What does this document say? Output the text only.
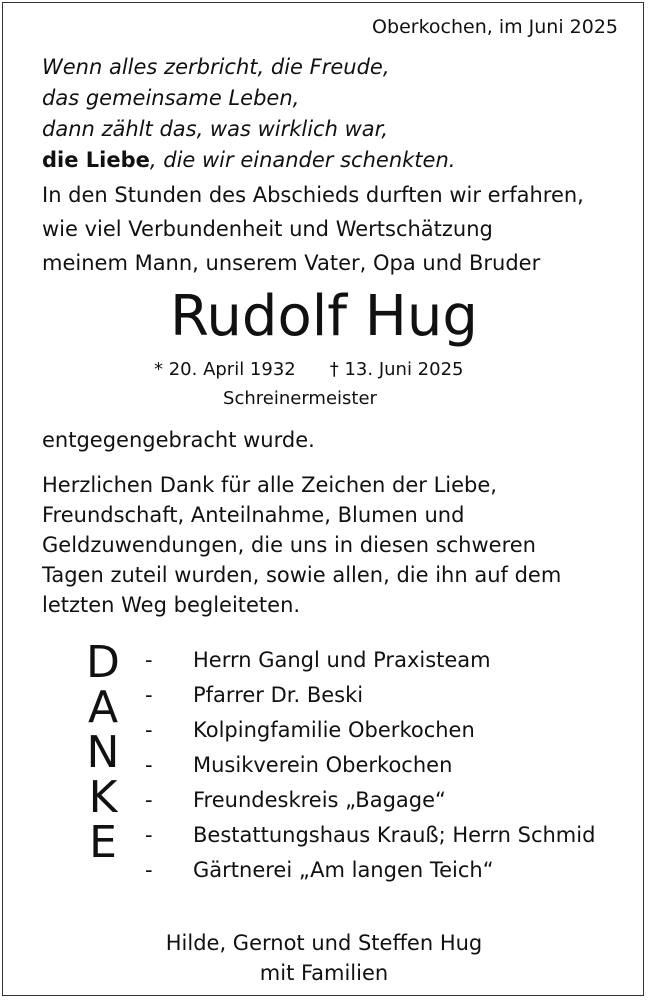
Oberkochen, im Juni 2025
Wenn alles zerbricht, die Freude,
das gemeinsame Leben,
dann zählt das, was wirklich war,
die Liebe, die wir einander schenkten.
In den Stunden des Abschieds durften wir erfahren,
wie viel Verbundenheit und Wertschätzung
meinem Mann, unserem Vater, Opa und Bruder
Rudolf Hug
* 20. April 1932 † 13. Juni 2025
Schreinermeister
entgegengebracht wurde.
Herzlichen Dank für alle Zeichen der Liebe,
Freundschaft, Anteilnahme, Blumen und
Geldzuwendungen, die uns in diesen schweren
Tagen zuteil wurden, sowie allen, die ihn auf dem
letzten Weg begleiteten.
D
A
N
K
E
-	Herrn Gangl und Praxisteam
-	Pfarrer Dr. Beski
-	Kolpingfamilie Oberkochen
-	Musikverein Oberkochen
-	Freundeskreis „Bagage“
-	Bestattungshaus Krauß; Herrn Schmid
-	Gärtnerei „Am langen Teich“
Hilde, Gernot und Steffen Hug
mit Familien
